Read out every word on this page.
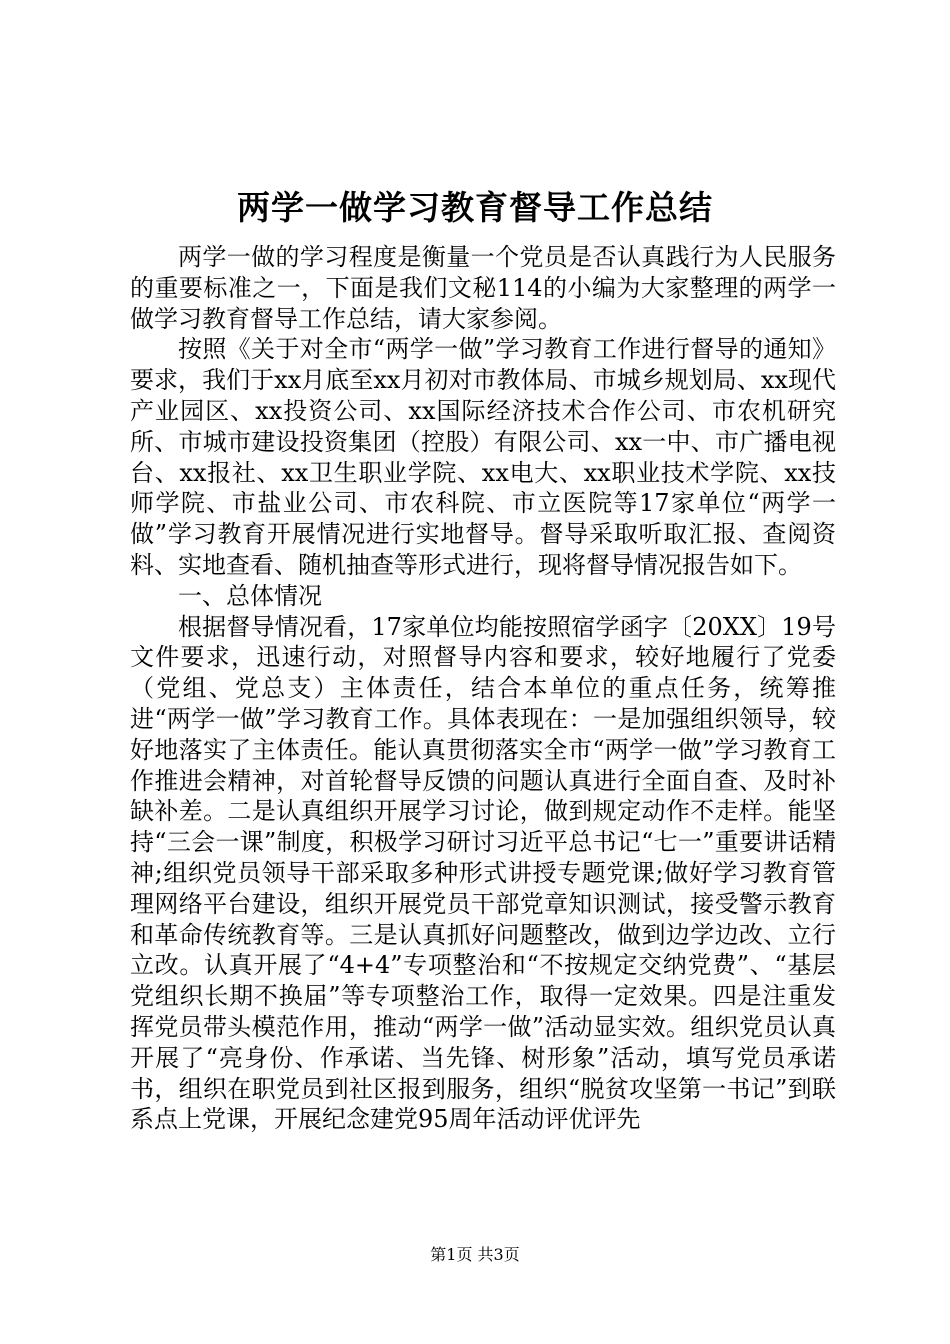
两学一做学习教育督导工作总结

两学一做的学习程度是衡量一个党员是否认真践行为人民服务的重要标准之一，下面是我们文秘114的小编为大家整理的两学一做学习教育督导工作总结，请大家参阅。

按照《关于对全市“两学一做”学习教育工作进行督导的通知》要求，我们于xx月底至xx月初对市教体局、市城乡规划局、xx现代产业园区、xx投资公司、xx国际经济技术合作公司、市农机研究所、市城市建设投资集团（控股）有限公司、xx一中、市广播电视台、xx报社、xx卫生职业学院、xx电大、xx职业技术学院、xx技师学院、市盐业公司、市农科院、市立医院等17家单位“两学一做”学习教育开展情况进行实地督导。督导采取听取汇报、查阅资料、实地查看、随机抽查等形式进行，现将督导情况报告如下。

一、总体情况

根据督导情况看，17家单位均能按照宿学函字〔20XX〕19号文件要求，迅速行动，对照督导内容和要求，较好地履行了党委（党组、党总支）主体责任，结合本单位的重点任务，统筹推进“两学一做”学习教育工作。具体表现在：一是加强组织领导，较好地落实了主体责任。能认真贯彻落实全市“两学一做”学习教育工作推进会精神，对首轮督导反馈的问题认真进行全面自查、及时补缺补差。二是认真组织开展学习讨论，做到规定动作不走样。能坚持“三会一课”制度，积极学习研讨习近平总书记“七一”重要讲话精神;组织党员领导干部采取多种形式讲授专题党课;做好学习教育管理网络平台建设，组织开展党员干部党章知识测试，接受警示教育和革命传统教育等。三是认真抓好问题整改，做到边学边改、立行立改。认真开展了“4+4”专项整治和“不按规定交纳党费”、“基层党组织长期不换届”等专项整治工作，取得一定效果。四是注重发挥党员带头模范作用，推动“两学一做”活动显实效。组织党员认真开展了“亮身份、作承诺、当先锋、树形象”活动，填写党员承诺书，组织在职党员到社区报到服务，组织“脱贫攻坚第一书记”到联系点上党课，开展纪念建党95周年活动评优评先

第1页 共3页
